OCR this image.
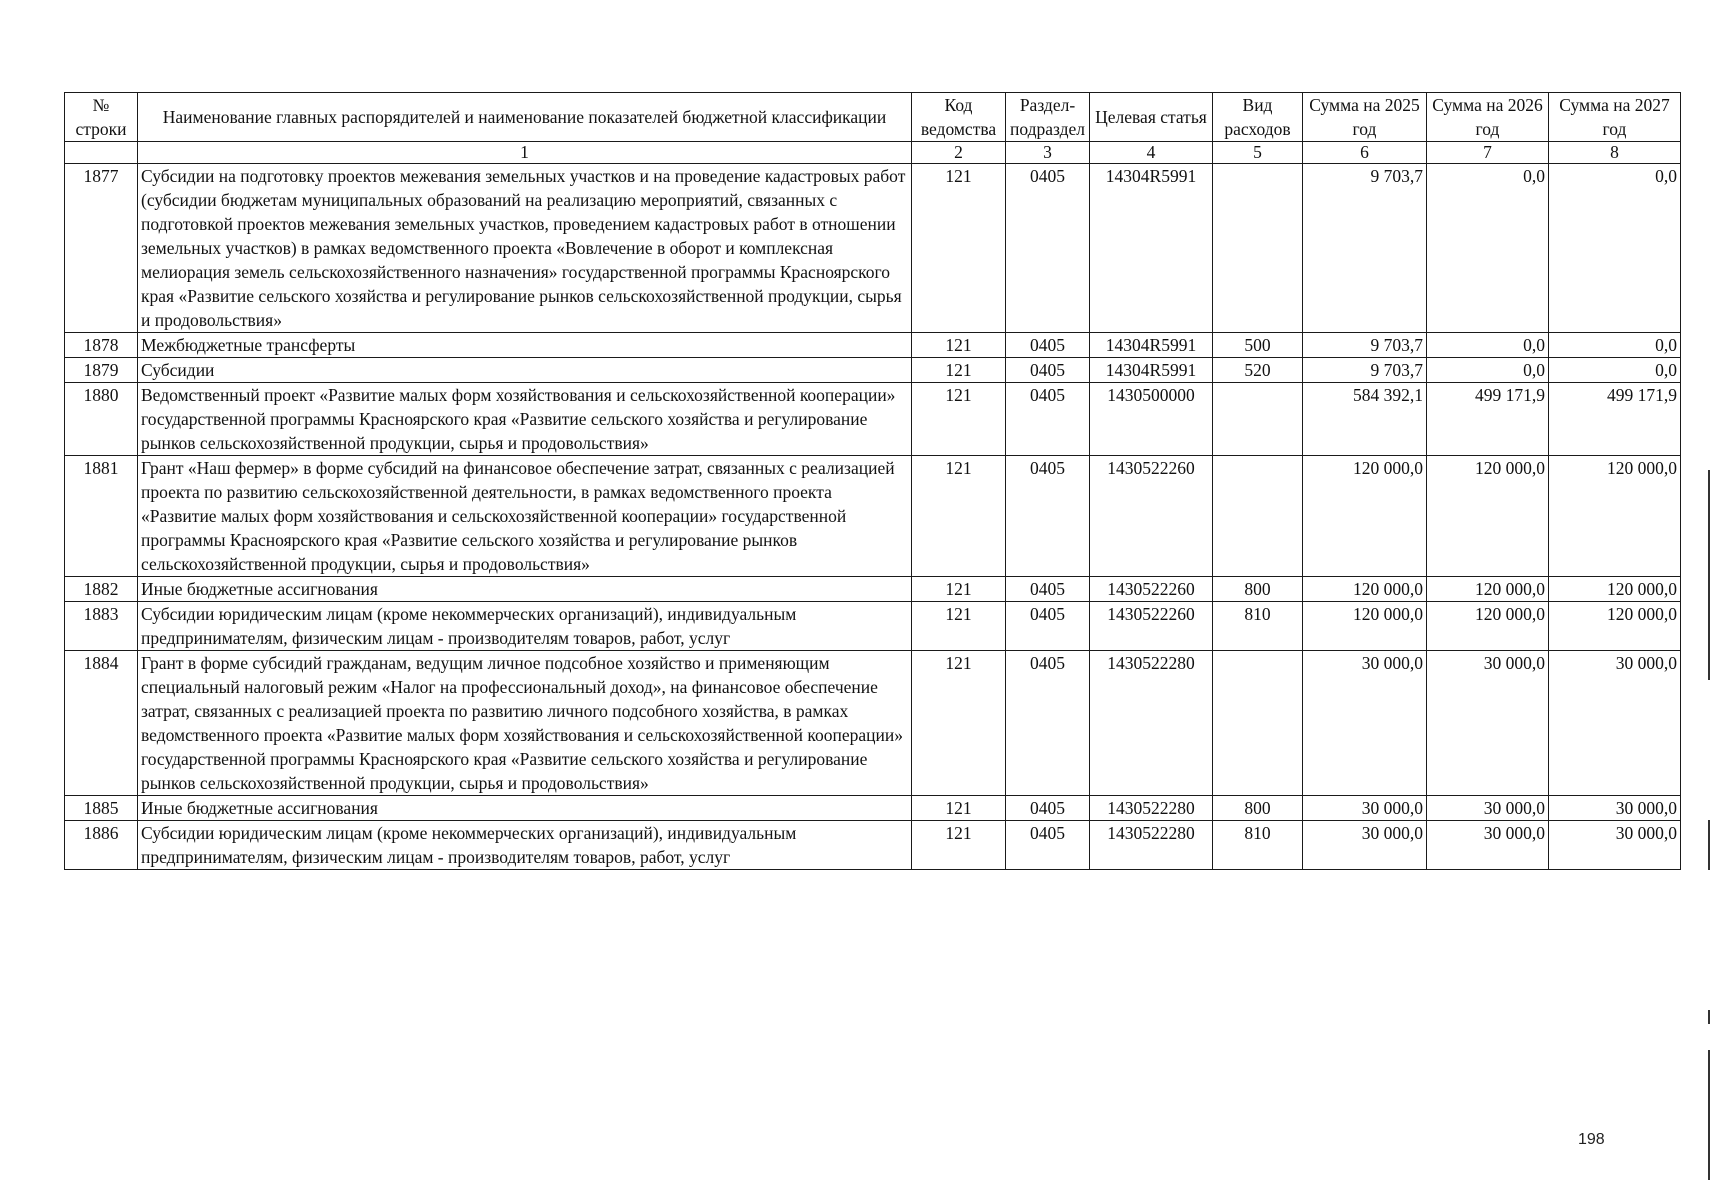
№ строки	Наименование главных распорядителей и наименование показателей бюджетной классификации	Код ведомства	Раздел-подраздел	Целевая статья	Вид расходов	Сумма на 2025 год	Сумма на 2026 год	Сумма на 2027 год

	1	2	3	4	5	6	7	8
1877	Субсидии на подготовку проектов межевания земельных участков и на проведение кадастровых работ (субсидии бюджетам муниципальных образований на реализацию мероприятий, связанных с подготовкой проектов межевания земельных участков, проведением кадастровых работ в отношении земельных участков) в рамках ведомственного проекта «Вовлечение в оборот и комплексная мелиорация земель сельскохозяйственного назначения» государственной программы Красноярского края «Развитие сельского хозяйства и регулирование рынков сельскохозяйственной продукции, сырья и продовольствия»	121	0405	14304R5991		9 703,7	0,0	0,0
1878	Межбюджетные трансферты	121	0405	14304R5991	500	9 703,7	0,0	0,0
1879	Субсидии	121	0405	14304R5991	520	9 703,7	0,0	0,0
1880	Ведомственный проект «Развитие малых форм хозяйствования и сельскохозяйственной кооперации» государственной программы Красноярского края «Развитие сельского хозяйства и регулирование рынков сельскохозяйственной продукции, сырья и продовольствия»	121	0405	1430500000		584 392,1	499 171,9	499 171,9
1881	Грант «Наш фермер» в форме субсидий на финансовое обеспечение затрат, связанных с реализацией проекта по развитию сельскохозяйственной деятельности, в рамках ведомственного проекта «Развитие малых форм хозяйствования и сельскохозяйственной кооперации» государственной программы Красноярского края «Развитие сельского хозяйства и регулирование рынков сельскохозяйственной продукции, сырья и продовольствия»	121	0405	1430522260		120 000,0	120 000,0	120 000,0
1882	Иные бюджетные ассигнования	121	0405	1430522260	800	120 000,0	120 000,0	120 000,0
1883	Субсидии юридическим лицам (кроме некоммерческих организаций), индивидуальным предпринимателям, физическим лицам - производителям товаров, работ, услуг	121	0405	1430522260	810	120 000,0	120 000,0	120 000,0
1884	Грант в форме субсидий гражданам, ведущим личное подсобное хозяйство и применяющим специальный налоговый режим «Налог на профессиональный доход», на финансовое обеспечение затрат, связанных с реализацией проекта по развитию личного подсобного хозяйства, в рамках ведомственного проекта «Развитие малых форм хозяйствования и сельскохозяйственной кооперации» государственной программы Красноярского края «Развитие сельского хозяйства и регулирование рынков сельскохозяйственной продукции, сырья и продовольствия»	121	0405	1430522280		30 000,0	30 000,0	30 000,0
1885	Иные бюджетные ассигнования	121	0405	1430522280	800	30 000,0	30 000,0	30 000,0
1886	Субсидии юридическим лицам (кроме некоммерческих организаций), индивидуальным предпринимателям, физическим лицам - производителям товаров, работ, услуг	121	0405	1430522280	810	30 000,0	30 000,0	30 000,0
198
